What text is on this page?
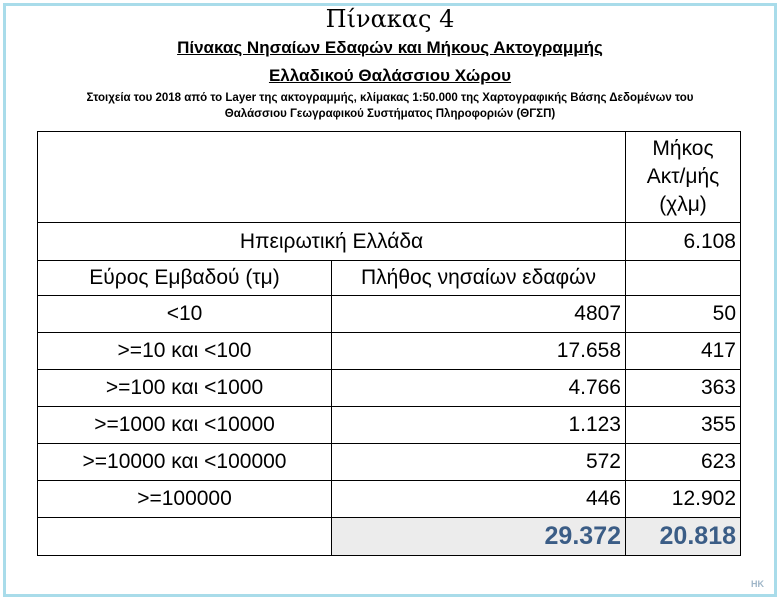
Πίνακας 4
Πίνακας Νησαίων Εδαφών και Μήκους Ακτογραμμής
Ελλαδικού Θαλάσσιου Χώρου
Στοιχεία του 2018 από το Layer της ακτογραμμής, κλίμακας 1:50.000 της Χαρτογραφικής Βάσης Δεδομένων του
Θαλάσσιου Γεωγραφικού Συστήματος Πληροφοριών (ΘΓΣΠ)

		Μήκος
Ακτ/μής
(χλμ)

Ηπειρωτική Ελλάδα		6.108
Εύρος Εμβαδού (τμ)	Πλήθος νησαίων εδαφών	
<10	4807	50
>=10 και <100	17.658	417
>=100 και <1000	4.766	363
>=1000 και <10000	1.123	355
>=10000 και <100000	572	623
>=100000	446	12.902
	29.372	20.818
HK
